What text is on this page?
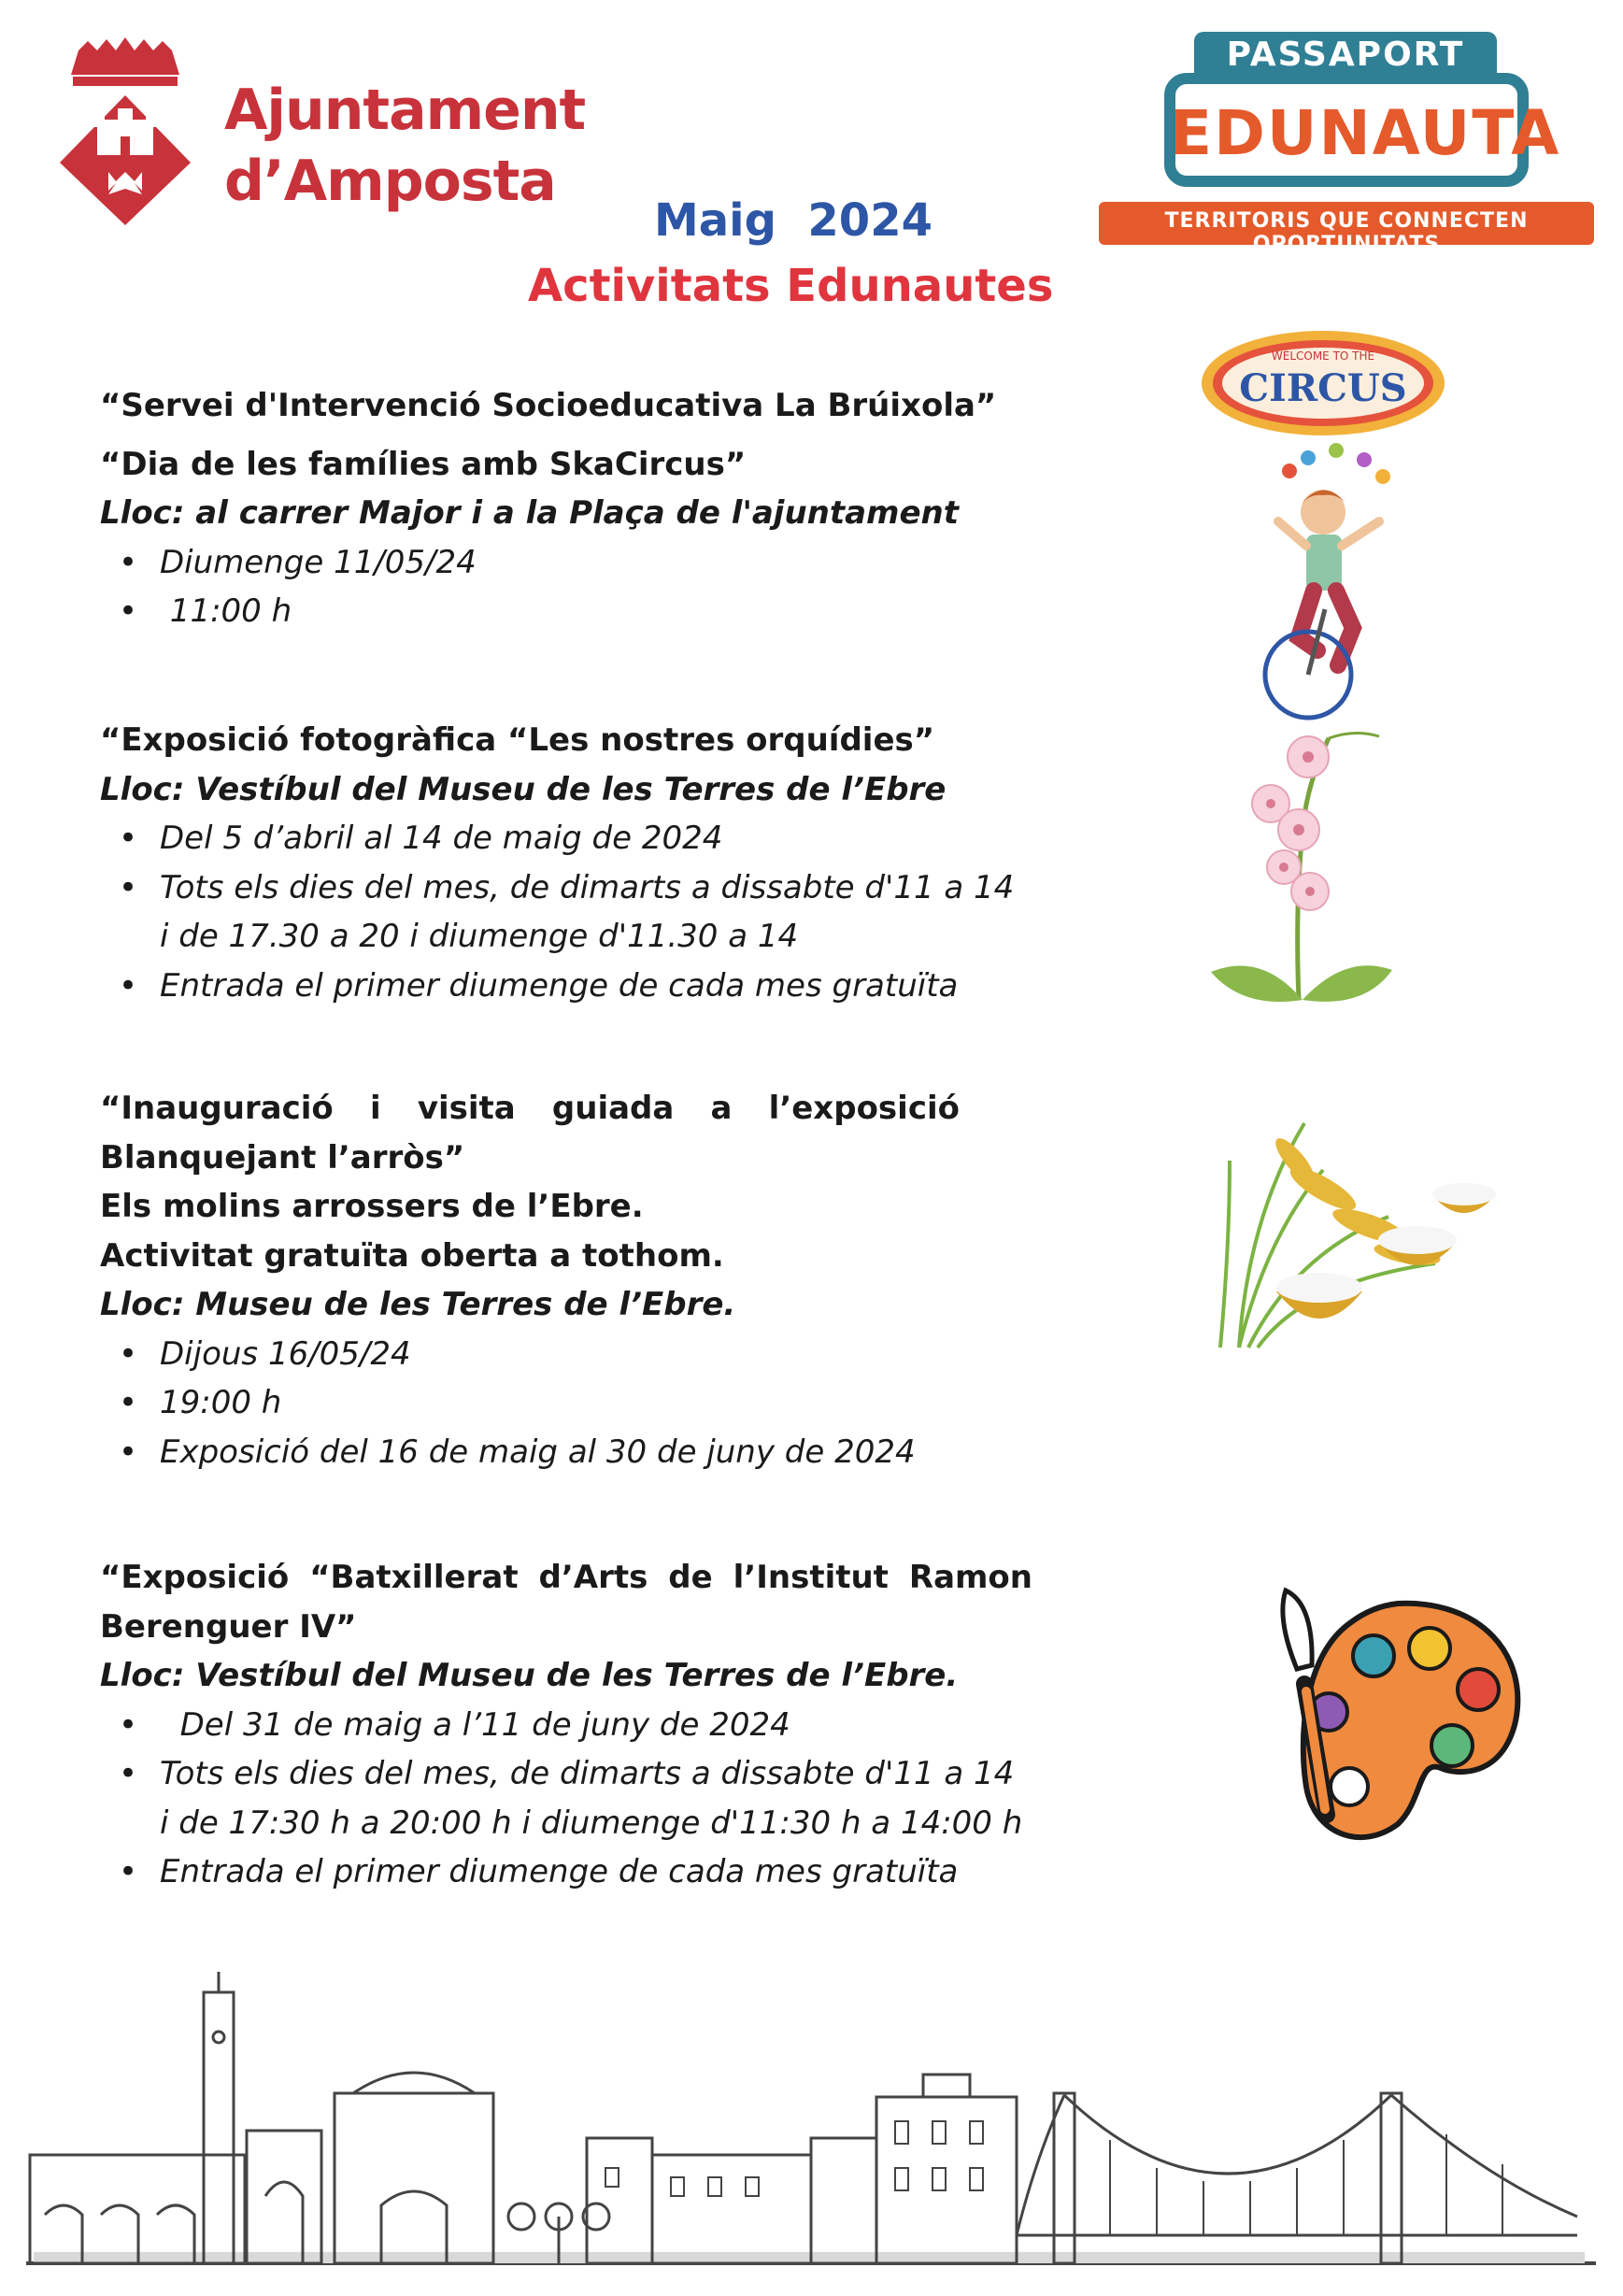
Ajuntament
d’Amposta
Maig  2024
Activitats Edunautes
PASSAPORT
EDUNAUTA
TERRITORIS QUE CONNECTEN OPORTUNITATS
“Servei d'Intervenció Socioeducativa La Brúixola”
“Dia de les famílies amb SkaCircus”
Lloc: al carrer Major i a la Plaça de l'ajuntament
• Diumenge 11/05/24
•  11:00 h
“Exposició fotogràfica “Les nostres orquídies”
Lloc: Vestíbul del Museu de les Terres de l’Ebre
• Del 5 d’abril al 14 de maig de 2024
• Tots els dies del mes, de dimarts a dissabte d'11 a 14 i de 17.30 a 20 i diumenge d'11.30 a 14
• Entrada el primer diumenge de cada mes gratuïta
“Inauguració i visita guiada a l’exposició
Blanquejant l’arròs”
Els molins arrossers de l’Ebre.
Activitat gratuïta oberta a tothom.
Lloc: Museu de les Terres de l’Ebre.
• Dijous 16/05/24
• 19:00 h
• Exposició del 16 de maig al 30 de juny de 2024
“Exposició “Batxillerat d’Arts de l’Institut Ramon
Berenguer IV”
Lloc: Vestíbul del Museu de les Terres de l’Ebre.
•   Del 31 de maig a l’11 de juny de 2024
• Tots els dies del mes, de dimarts a dissabte d'11 a 14 i de 17:30 h a 20:00 h i diumenge d'11:30 h a 14:00 h
• Entrada el primer diumenge de cada mes gratuïta
WELCOME TO THE
CIRCUS
